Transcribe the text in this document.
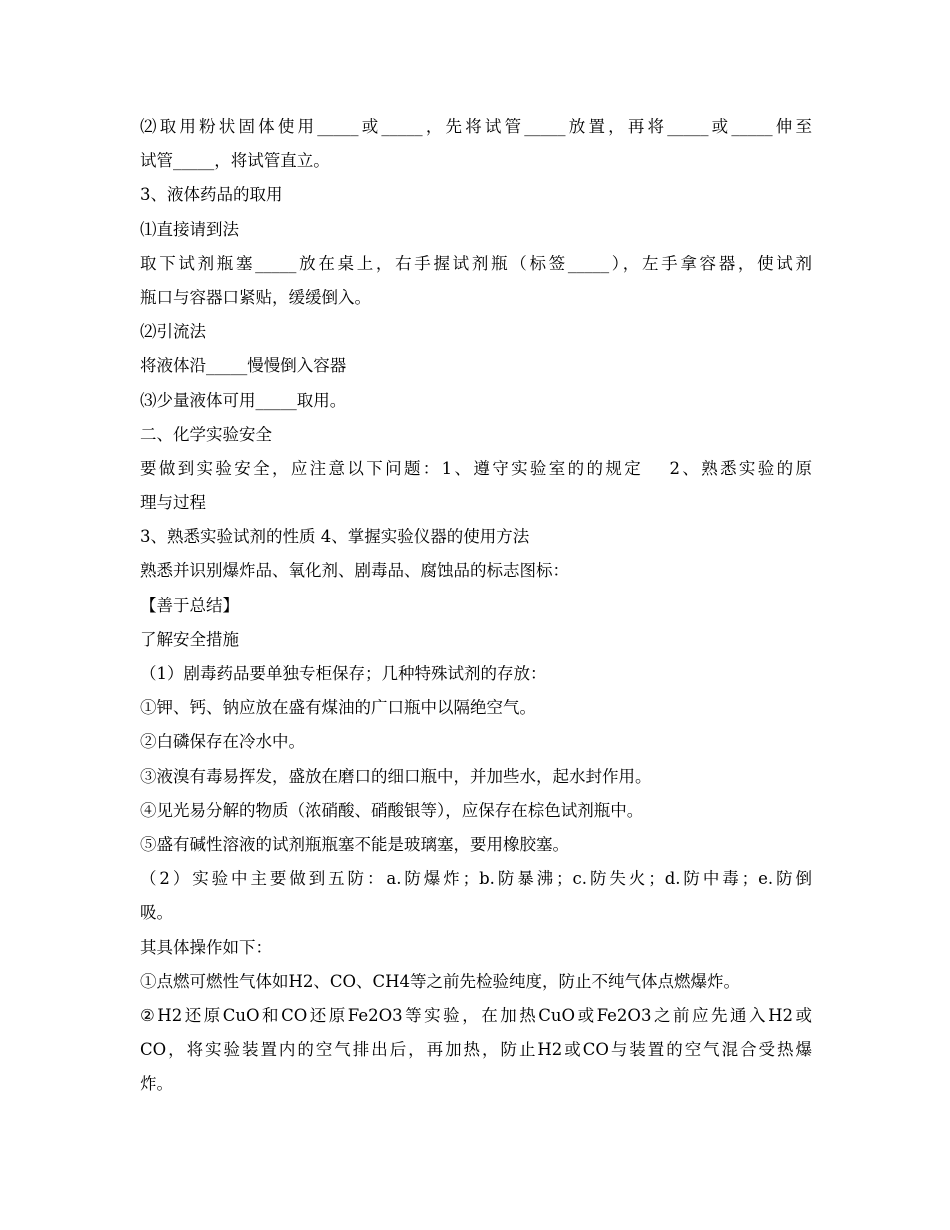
⑵取用粉状固体使用_____或_____，先将试管_____放置，再将_____或_____伸至
试管_____，将试管直立。
3、液体药品的取用
⑴直接请到法
取下试剂瓶塞_____放在桌上，右手握试剂瓶（标签_____），左手拿容器，使试剂
瓶口与容器口紧贴，缓缓倒入。
⑵引流法
将液体沿_____慢慢倒入容器
⑶少量液体可用_____取用。
二、化学实验安全
要做到实验安全，应注意以下问题：1、遵守实验室的的规定　 2、熟悉实验的原
理与过程
3、熟悉实验试剂的性质 4、掌握实验仪器的使用方法
熟悉并识别爆炸品、氧化剂、剧毒品、腐蚀品的标志图标：
【善于总结】
了解安全措施
（1）剧毒药品要单独专柜保存；几种特殊试剂的存放：
①钾、钙、钠应放在盛有煤油的广口瓶中以隔绝空气。
②白磷保存在冷水中。
③液溴有毒易挥发，盛放在磨口的细口瓶中，并加些水，起水封作用。
④见光易分解的物质（浓硝酸、硝酸银等），应保存在棕色试剂瓶中。
⑤盛有碱性溶液的试剂瓶瓶塞不能是玻璃塞，要用橡胶塞。
（2）实验中主要做到五防：a.防爆炸；b.防暴沸；c.防失火；d.防中毒；e.防倒
吸。
其具体操作如下：
①点燃可燃性气体如H2、CO、CH4等之前先检验纯度，防止不纯气体点燃爆炸。
②H2还原CuO和CO还原Fe2O3等实验，在加热CuO或Fe2O3之前应先通入H2或
CO，将实验装置内的空气排出后，再加热，防止H2或CO与装置的空气混合受热爆
炸。
